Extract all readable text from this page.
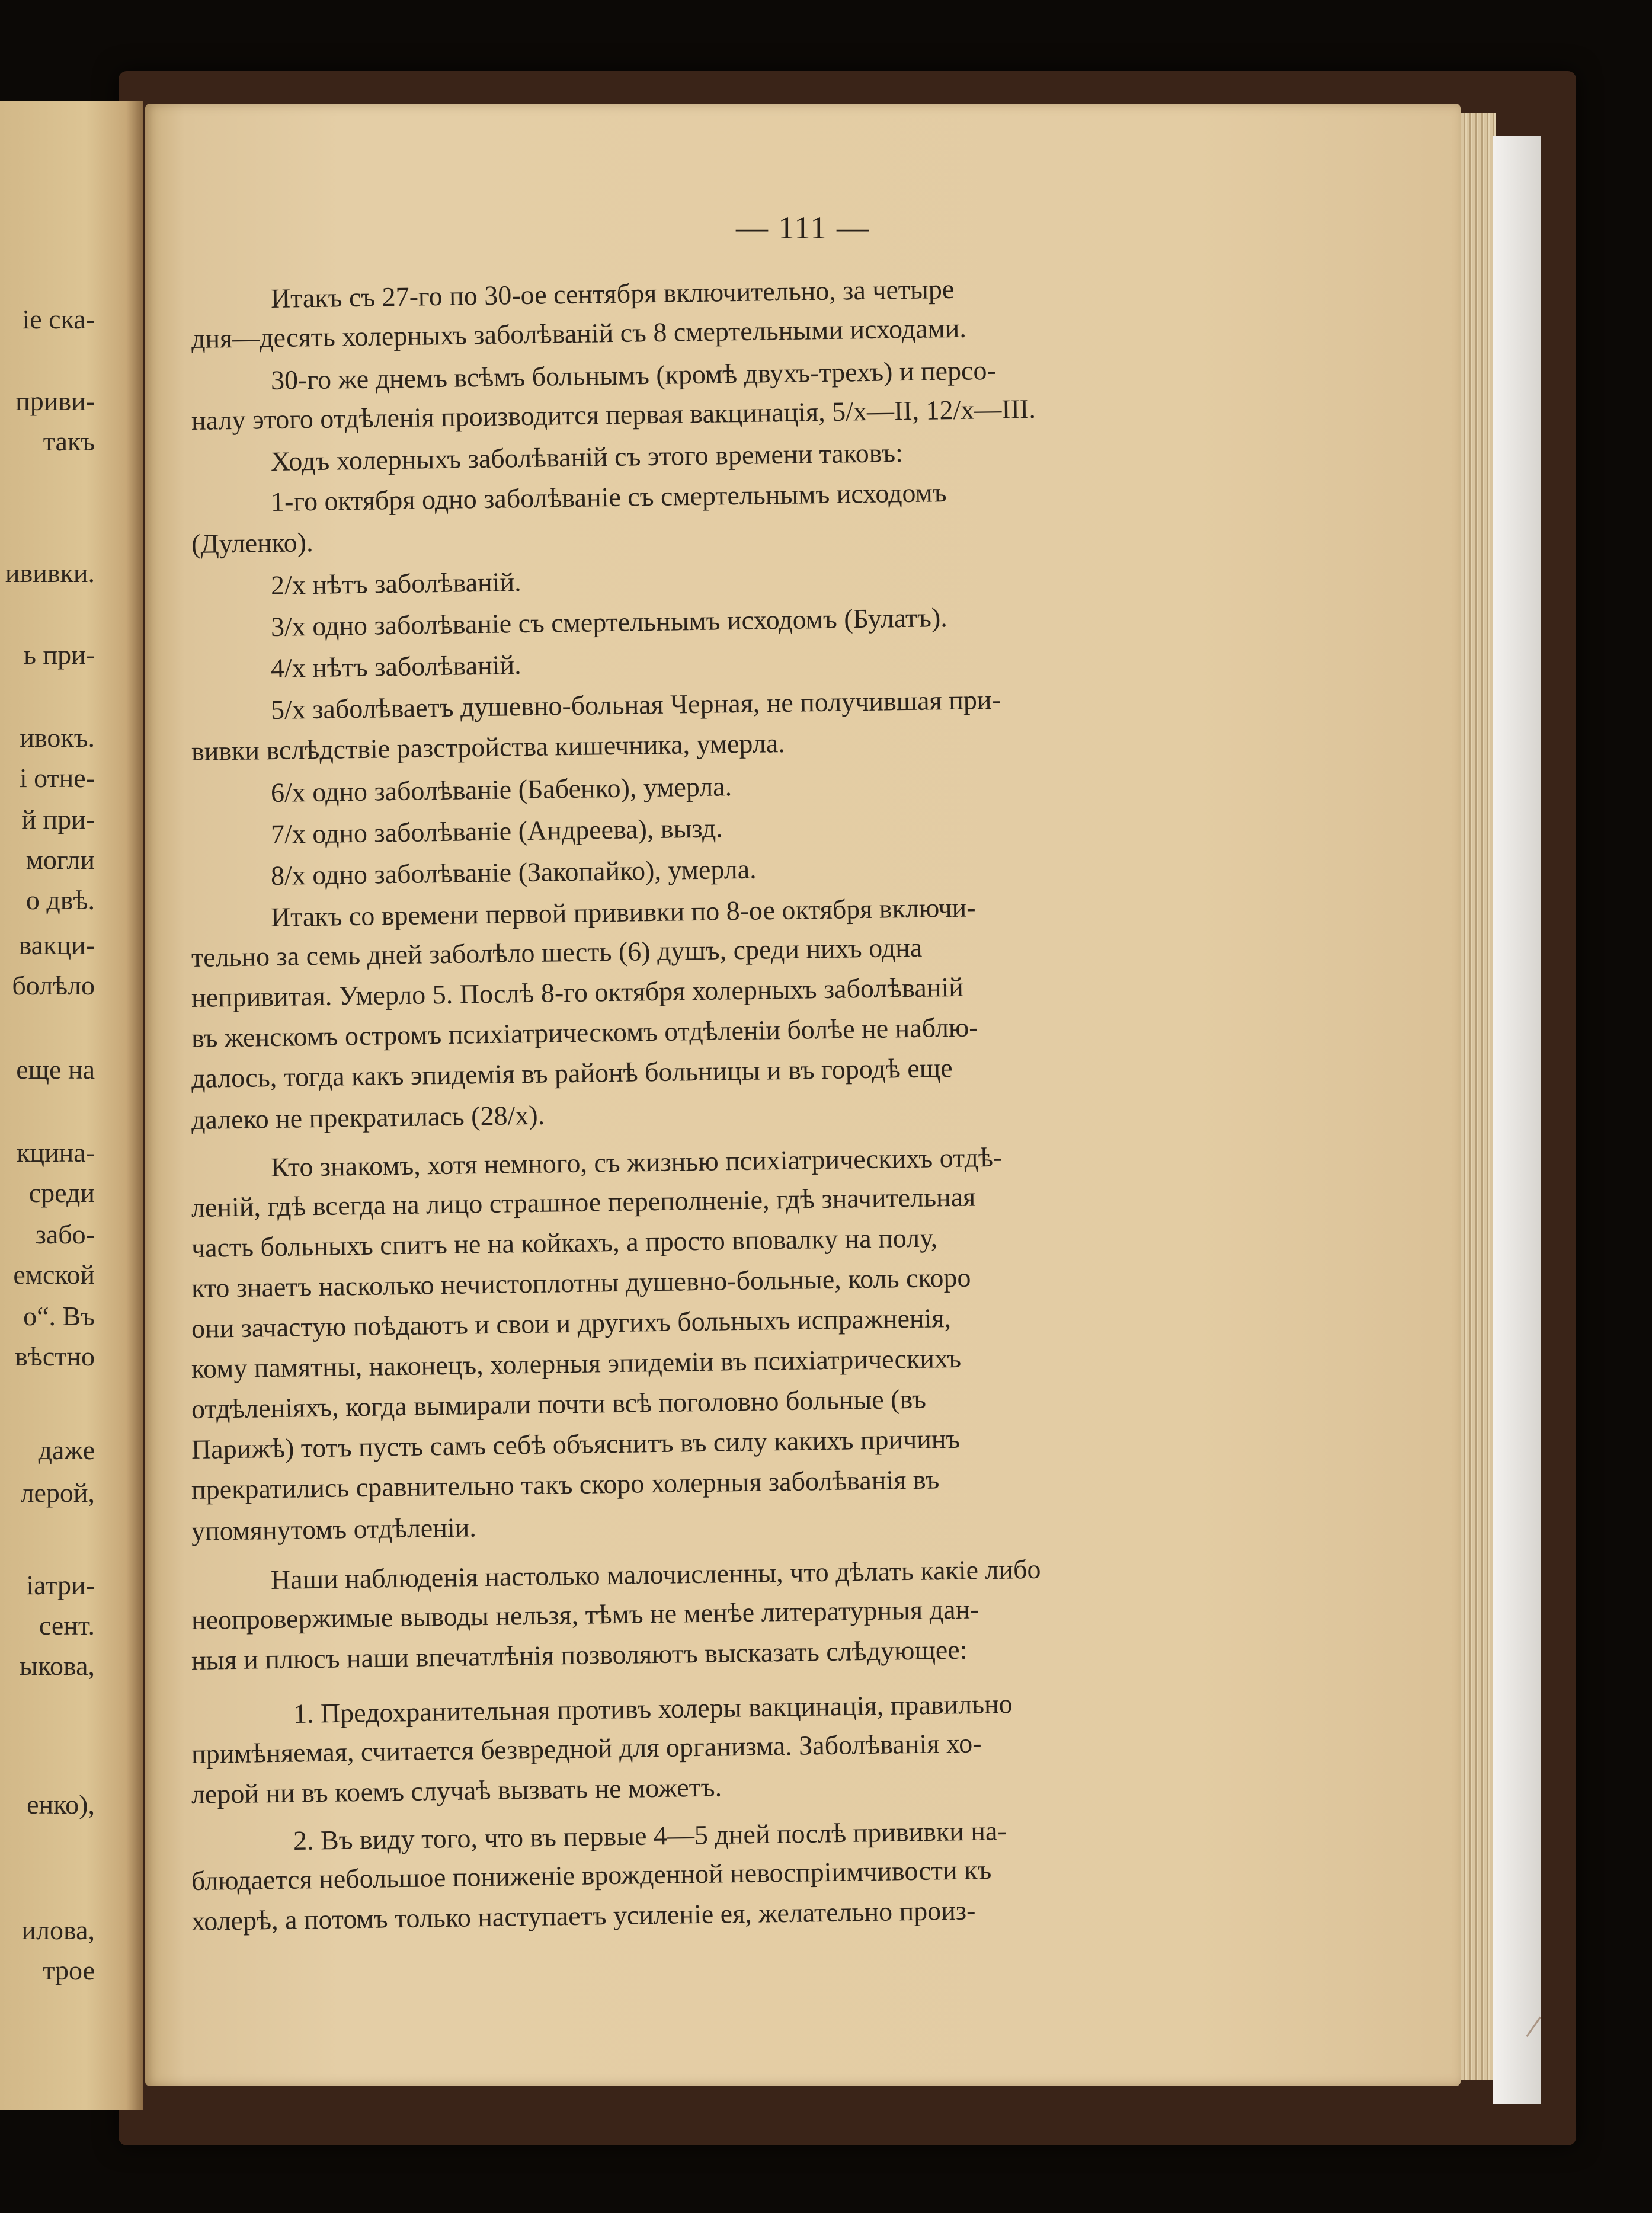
iе ска-
приви-
такъ
ививки.
ь при-
ивокъ.
і отне-
й при-
могли
о двѣ.
вакци-
болѣло
еще на
кцина-
среди
забо-
емской
о“. Въ
вѣстно
даже
лерой,
іатри-
сент.
ыкова,
енко),
илова,
трое
— 111 —
Итакъ съ 27-го по 30-ое сентября включительно, за четыре
дня—десять холерныхъ заболѣваній съ 8 смертельными исходами.
30-го же днемъ всѣмъ больнымъ (кромѣ двухъ-трехъ) и персо-
налу этого отдѣленія производится первая вакцинація, 5/x—II, 12/x—III.
Ходъ холерныхъ заболѣваній съ этого времени таковъ:
1-го октября одно заболѣваніе съ смертельнымъ исходомъ
(Дуленко).
2/x нѣтъ заболѣваній.
3/x одно заболѣваніе съ смертельнымъ исходомъ (Булатъ).
4/x нѣтъ заболѣваній.
5/x заболѣваетъ душевно-больная Черная, не получившая при-
вивки вслѣдствіе разстройства кишечника, умерла.
6/x одно заболѣваніе (Бабенко), умерла.
7/x одно заболѣваніе (Андреева), вызд.
8/x одно заболѣваніе (Закопайко), умерла.
Итакъ со времени первой прививки по 8-ое октября включи-
тельно за семь дней заболѣло шесть (6) душъ, среди нихъ одна
непривитая. Умерло 5. Послѣ 8-го октября холерныхъ заболѣваній
въ женскомъ остромъ психіатрическомъ отдѣленіи болѣе не наблю-
далось, тогда какъ эпидемія въ районѣ больницы и въ городѣ еще
далеко не прекратилась (28/x).
Кто знакомъ, хотя немного, съ жизнью психіатрическихъ отдѣ-
леній, гдѣ всегда на лицо страшное переполненіе, гдѣ значительная
часть больныхъ спитъ не на койкахъ, а просто вповалку на полу,
кто знаетъ насколько нечистоплотны душевно-больные, коль скоро
они зачастую поѣдаютъ и свои и другихъ больныхъ испражненія,
кому памятны, наконецъ, холерныя эпидеміи въ психіатрическихъ
отдѣленіяхъ, когда вымирали почти всѣ поголовно больные (въ
Парижѣ) тотъ пусть самъ себѣ объяснитъ въ силу какихъ причинъ
прекратились сравнительно такъ скоро холерныя заболѣванія въ
упомянутомъ отдѣленіи.
Наши наблюденія настолько малочисленны, что дѣлать какіе либо
неопровержимые выводы нельзя, тѣмъ не менѣе литературныя дан-
ныя и плюсъ наши впечатлѣнія позволяютъ высказать слѣдующее:
1. Предохранительная противъ холеры вакцинація, правильно
примѣняемая, считается безвредной для организма. Заболѣванія хо-
лерой ни въ коемъ случаѣ вызвать не можетъ.
2. Въ виду того, что въ первые 4—5 дней послѣ прививки на-
блюдается небольшое пониженіе врожденной невоспріимчивости къ
холерѣ, а потомъ только наступаетъ усиленіе ея, желательно произ-
